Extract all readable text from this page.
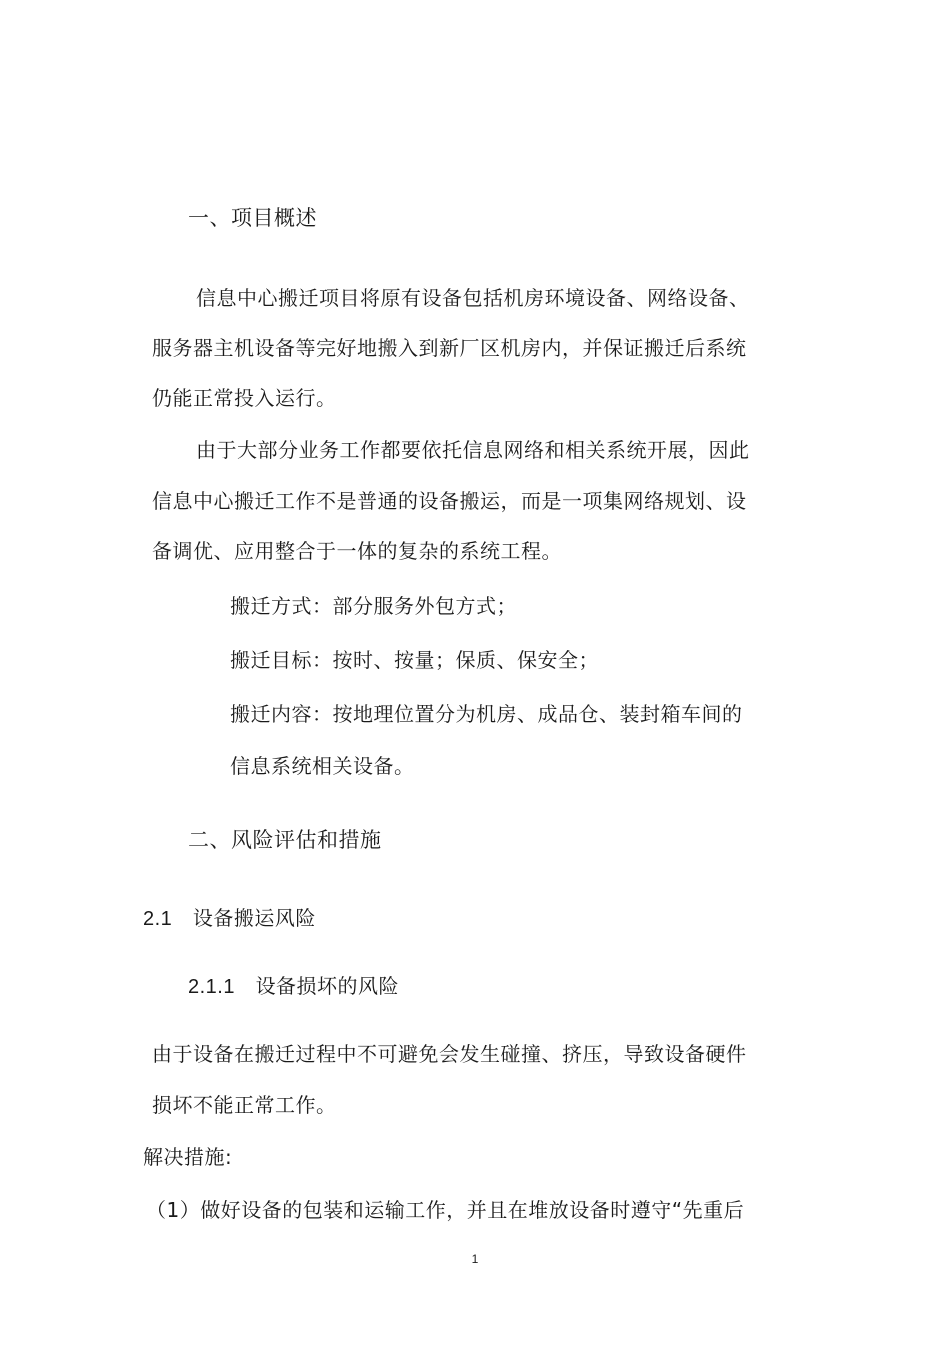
一、项目概述
信息中心搬迁项目将原有设备包括机房环境设备、网络设备、
服务器主机设备等完好地搬入到新厂区机房内，并保证搬迁后系统
仍能正常投入运行。
由于大部分业务工作都要依托信息网络和相关系统开展，因此
信息中心搬迁工作不是普通的设备搬运，而是一项集网络规划、设
备调优、应用整合于一体的复杂的系统工程。
搬迁方式：部分服务外包方式；
搬迁目标：按时、按量；保质、保安全；
搬迁内容：按地理位置分为机房、成品仓、装封箱车间的
信息系统相关设备。
二、风险评估和措施
2.1 设备搬运风险
2.1.1 设备损坏的风险
由于设备在搬迁过程中不可避免会发生碰撞、挤压，导致设备硬件
损坏不能正常工作。
解决措施:
（1）做好设备的包装和运输工作，并且在堆放设备时遵守“先重后
1
